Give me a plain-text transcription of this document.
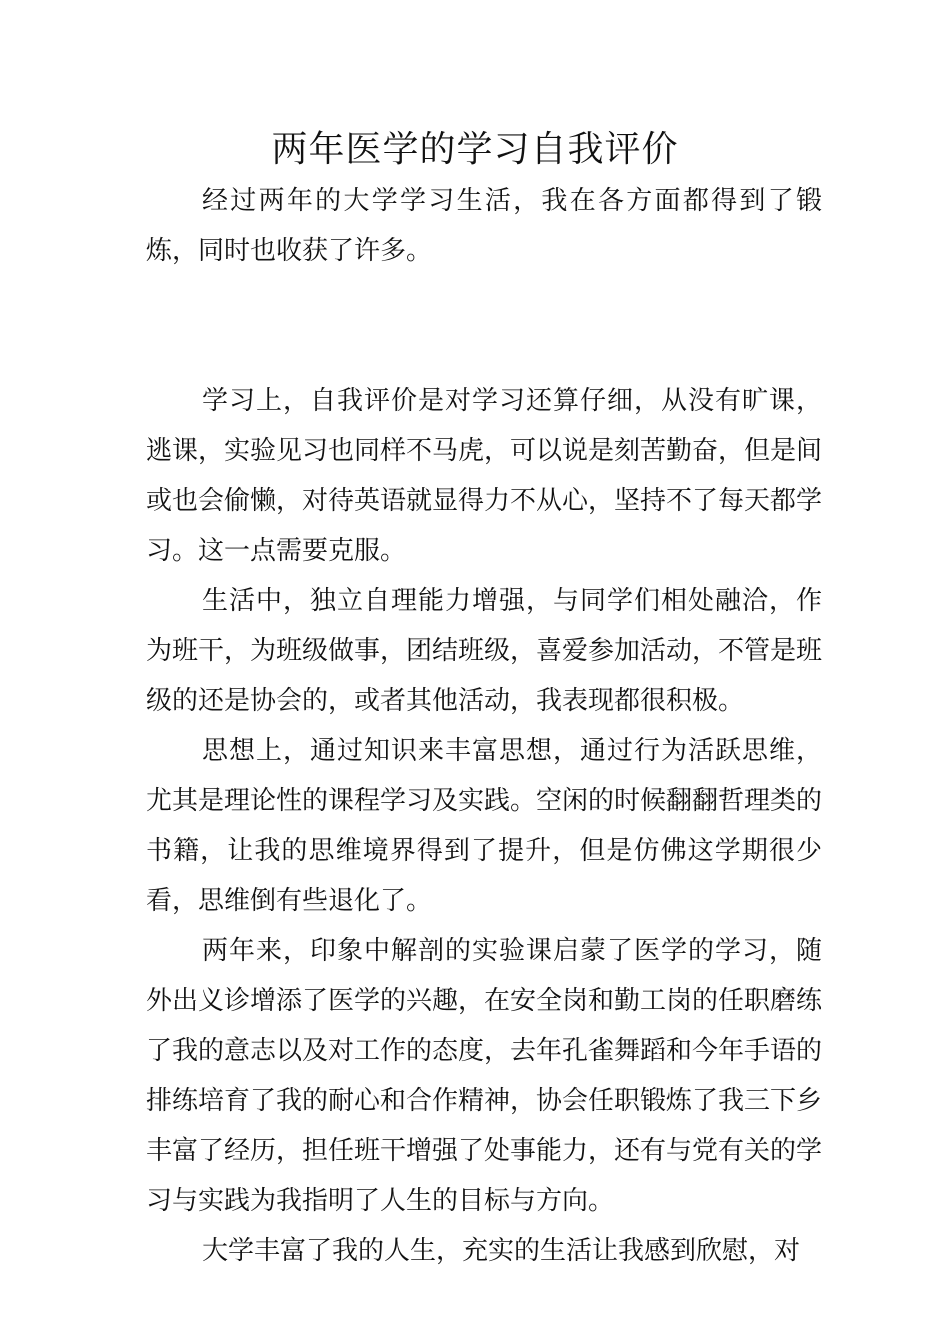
两年医学的学习自我评价

经过两年的大学学习生活，我在各方面都得到了锻炼，同时也收获了许多。

学习上，自我评价是对学习还算仔细，从没有旷课，逃课，实验见习也同样不马虎，可以说是刻苦勤奋，但是间或也会偷懒，对待英语就显得力不从心，坚持不了每天都学习。这一点需要克服。

生活中，独立自理能力增强，与同学们相处融洽，作为班干，为班级做事，团结班级，喜爱参加活动，不管是班级的还是协会的，或者其他活动，我表现都很积极。

思想上，通过知识来丰富思想，通过行为活跃思维，尤其是理论性的课程学习及实践。空闲的时候翻翻哲理类的书籍，让我的思维境界得到了提升，但是仿佛这学期很少看，思维倒有些退化了。

两年来，印象中解剖的实验课启蒙了医学的学习，随外出义诊增添了医学的兴趣，在安全岗和勤工岗的任职磨练了我的意志以及对工作的态度，去年孔雀舞蹈和今年手语的排练培育了我的耐心和合作精神，协会任职锻炼了我三下乡丰富了经历，担任班干增强了处事能力，还有与党有关的学习与实践为我指明了人生的目标与方向。

大学丰富了我的人生，充实的生活让我感到欣慰，对
